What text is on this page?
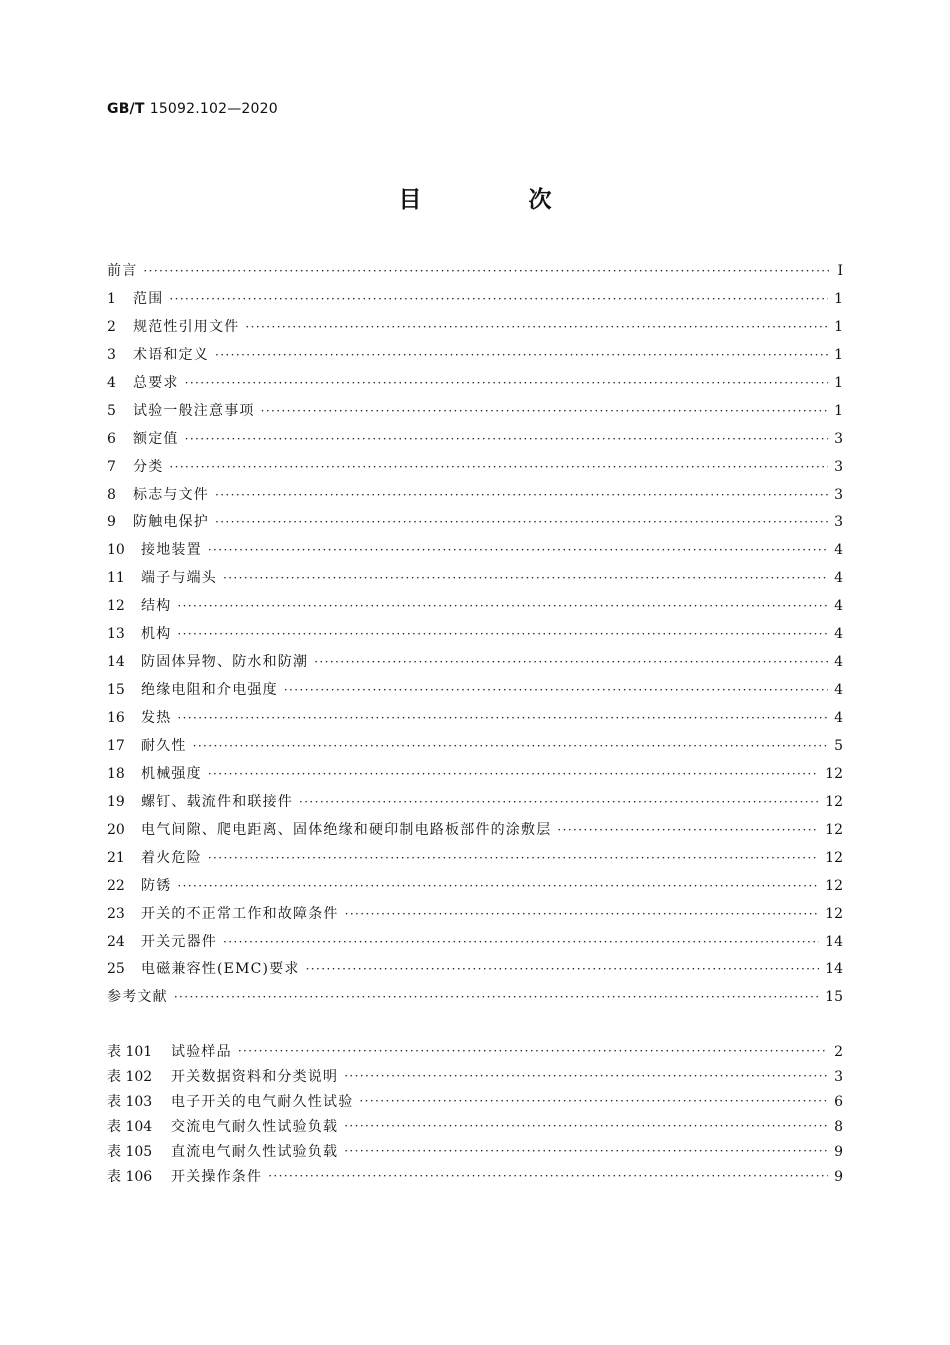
GB/T 15092.102—2020
目　次
前言 ·····	Ⅰ
1	范围 ·····	1
2	规范性引用文件 ·····	1
3	术语和定义 ·····	1
4	总要求 ·····	1
5	试验一般注意事项 ·····	1
6	额定值 ·····	3
7	分类 ·····	3
8	标志与文件 ·····	3
9	防触电保护 ·····	3
10	接地装置 ·····	4
11	端子与端头 ·····	4
12	结构 ·····	4
13	机构 ·····	4
14	防固体异物、防水和防潮 ·····	4
15	绝缘电阻和介电强度 ·····	4
16	发热 ·····	4
17	耐久性 ·····	5
18	机械强度 ·····	12
19	螺钉、载流件和联接件 ·····	12
20	电气间隙、爬电距离、固体绝缘和硬印制电路板部件的涂敷层 ·····	12
21	着火危险 ·····	12
22	防锈 ·····	12
23	开关的不正常工作和故障条件 ·····	12
24	开关元器件 ·····	14
25	电磁兼容性(EMC)要求 ·····	14
参考文献 ·····	15
表 101	试验样品 ·····	2
表 102	开关数据资料和分类说明 ·····	3
表 103	电子开关的电气耐久性试验 ·····	6
表 104	交流电气耐久性试验负载 ·····	8
表 105	直流电气耐久性试验负载 ·····	9
表 106	开关操作条件 ·····	9
